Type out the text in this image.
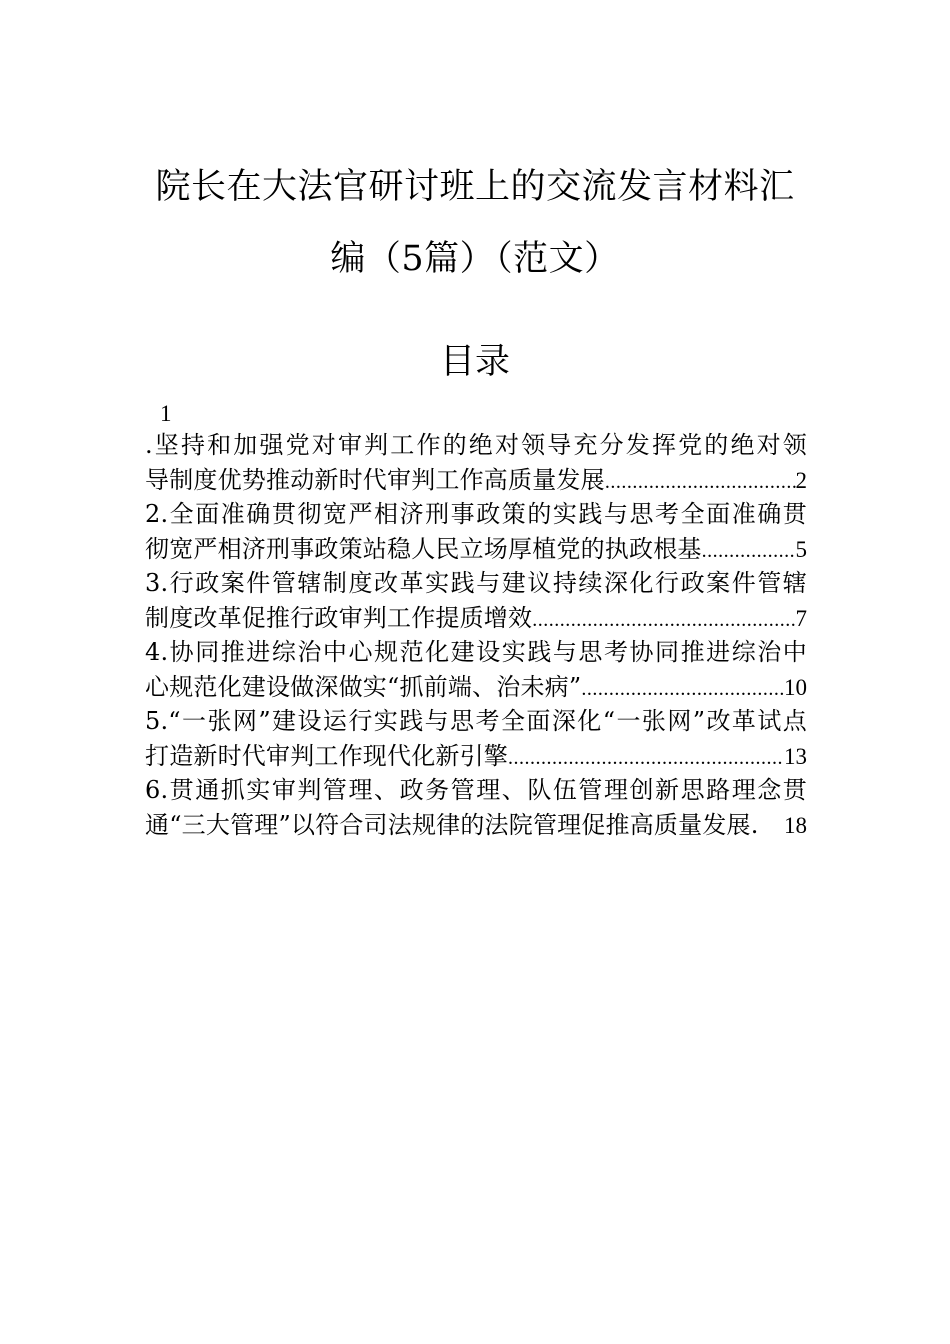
院长在大法官研讨班上的交流发言材料汇
编（5篇）（范文）
目录
1
.坚持和加强党对审判工作的绝对领导充分发挥党的绝对领
导制度优势推动新时代审判工作高质量发展 .....	2
2.全面准确贯彻宽严相济刑事政策的实践与思考全面准确贯
彻宽严相济刑事政策站稳人民立场厚植党的执政根基 .....	5
3.行政案件管辖制度改革实践与建议持续深化行政案件管辖
制度改革促推行政审判工作提质增效 .....	7
4.协同推进综治中心规范化建设实践与思考协同推进综治中
心规范化建设做深做实“抓前端、治未病” .....	10
5.“一张网”建设运行实践与思考全面深化“一张网”改革试点
打造新时代审判工作现代化新引擎 .....	13
6.贯通抓实审判管理、政务管理、队伍管理创新思路理念贯
通“三大管理”以符合司法规律的法院管理促推高质量发展.	18
